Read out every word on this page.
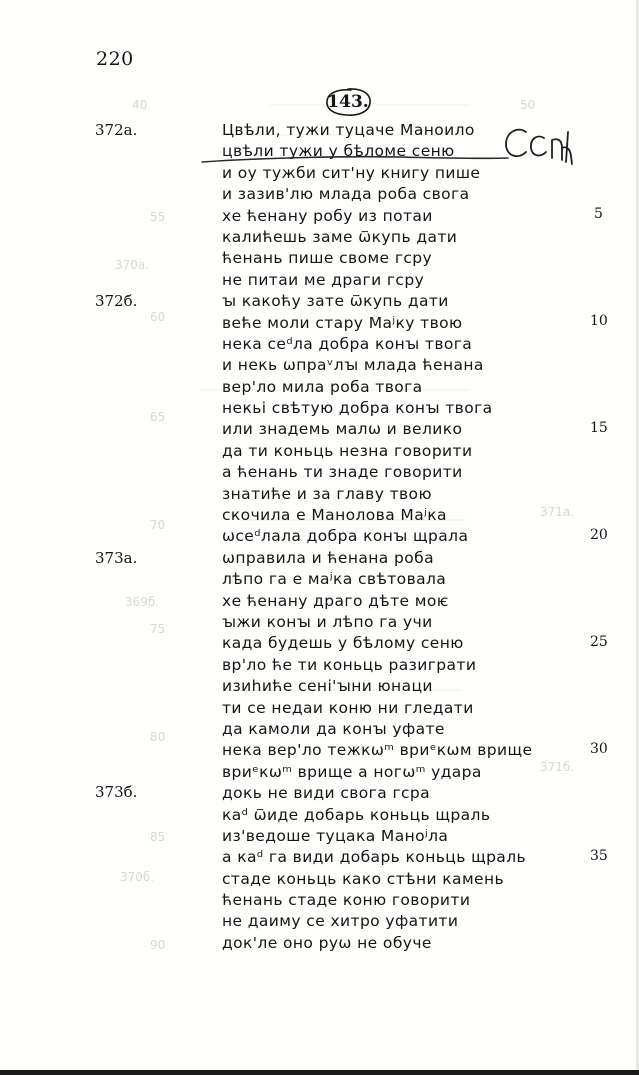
40
55
370а.
60
65
70
75
80
85
90
371а.
371б.
369б.
370б.
50
220
143.
372а.
372б.
373а.
373б.
5
10
15
20
25
30
35
Цвѣли, тужи туцаче Маноило
цвѣли тужи у бѣломе сеню
и оу тужби сит'ну книгу пише
и зазив'лю млада роба свога
хе ћенану робу из потаи
калићешь заме ѿкупь дати
ћенань пише своме гсру
не питаи ме драги гсру
ꙑ какоћу зате ѿкупь дати
веће моли стару Маʲку твою
нека сеᵈла добра конꙑ твога
и некь ѡпраᵛлꙑ млада ћенана
вер'ло мила роба твога
некьі свѣтую добра конꙑ твога
или знадемь малѡ и велико
да ти коньць незна говорити
а ћенань ти знаде говорити
знатиће и за главу твою
скочила е Манолова Маʲка
ѡсеᵈлала добра конꙑ щрала
ѡправила и ћенана роба
лѣпо га е маʲка свѣтовала
хе ћенану драго дѣте моѥ
ꙑжи конꙑ и лѣпо га учи
када будешь у бѣлому сеню
вр'ло ће ти коньць разиграти
изиһиће сені'ꙑни юнаци
ти се недаи коню ни гледати
да камоли да конꙑ уфате
нека вер'ло тежкѡᵐ вриᵉкѡм врище
вриᵉкѡᵐ врище а ногѡᵐ удара
докь не види свога гсра
каᵈ ѿиде добарь коньць щраль
из'ведоше туцака Маноʲла
а каᵈ га види добарь коньць щраль
стаде коньць како стѣни камень
ћенань стаде коню говорити
не даиму се хитро уфатити
док'ле оно руѡ не обуче
